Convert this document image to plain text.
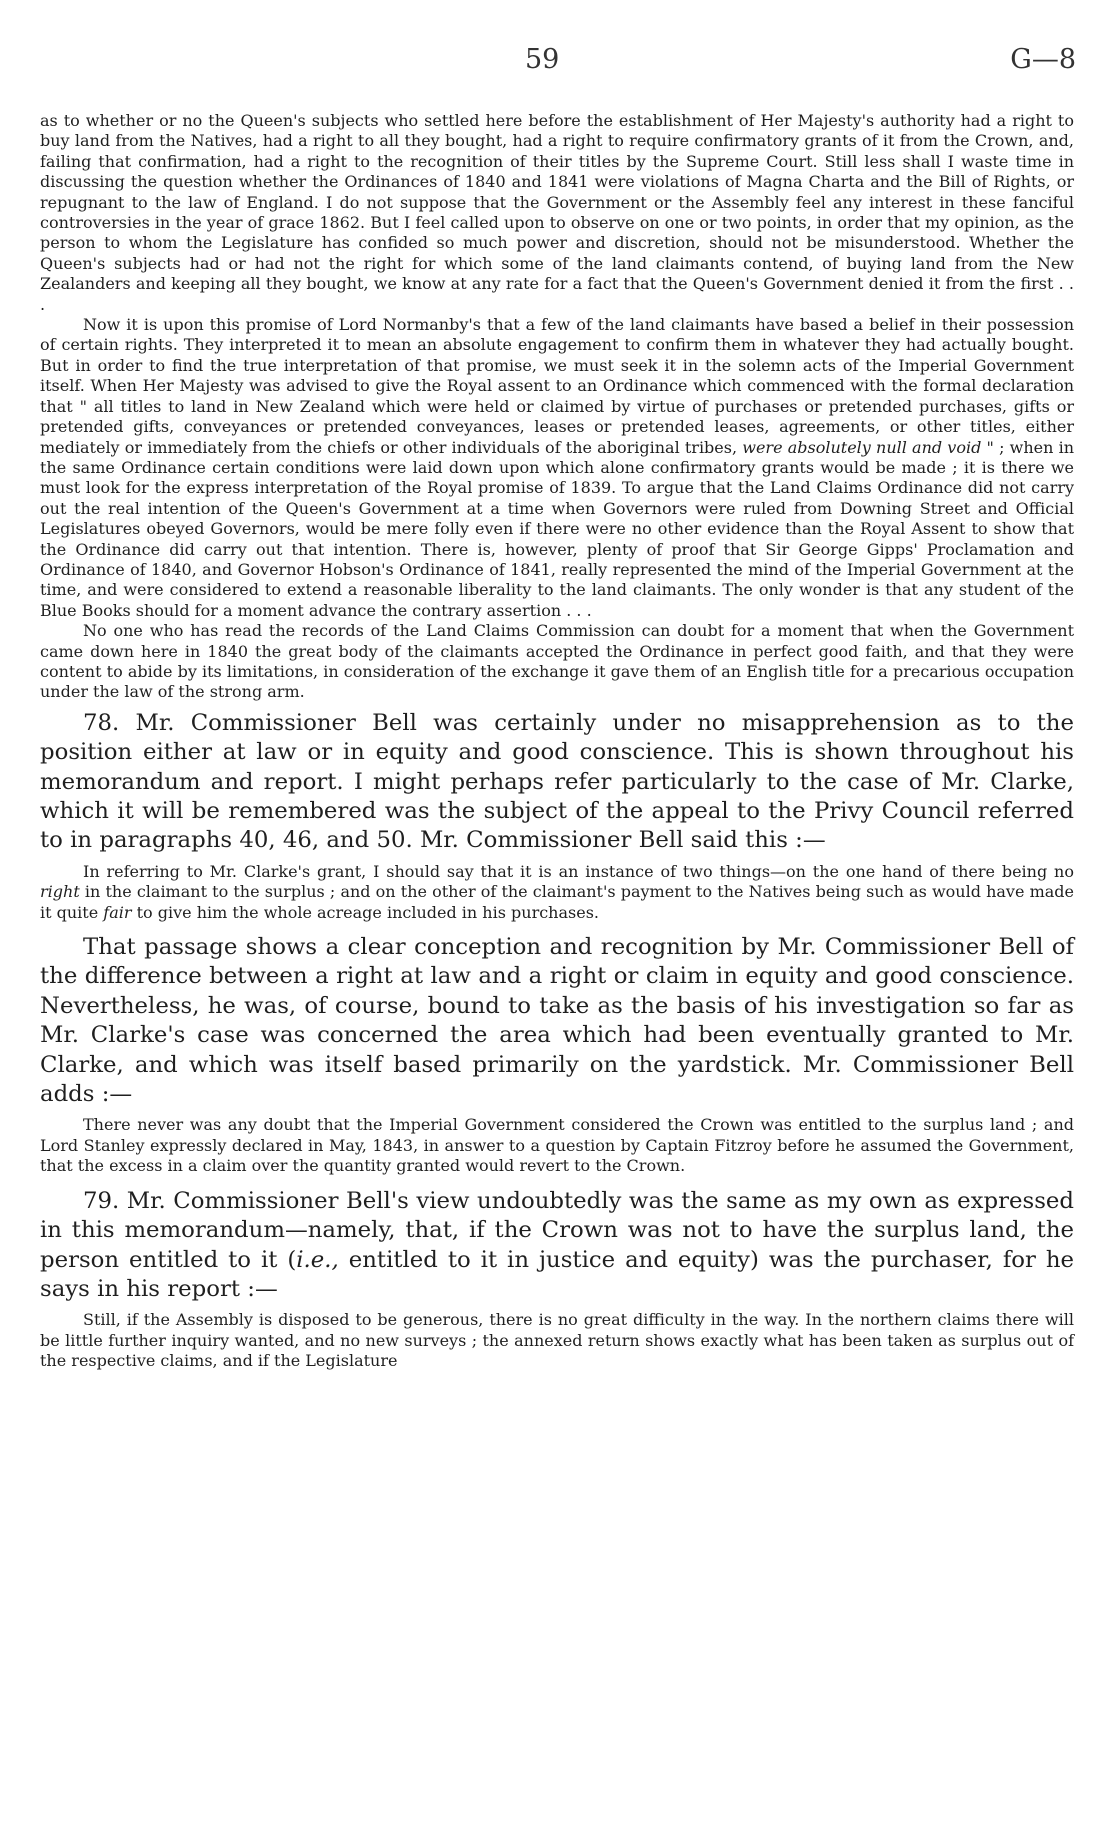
59	G—8

as to whether or no the Queen's subjects who settled here before the establishment of Her Majesty's authority had a right to buy land from the Natives, had a right to all they bought, had a right to require confirmatory grants of it from the Crown, and, failing that confirmation, had a right to the recognition of their titles by the Supreme Court. Still less shall I waste time in discussing the question whether the Ordinances of 1840 and 1841 were violations of Magna Charta and the Bill of Rights, or repugnant to the law of England. I do not suppose that the Government or the Assembly feel any interest in these fanciful controversies in the year of grace 1862. But I feel called upon to observe on one or two points, in order that my opinion, as the person to whom the Legislature has confided so much power and discretion, should not be misunderstood. Whether the Queen's subjects had or had not the right for which some of the land claimants contend, of buying land from the New Zealanders and keeping all they bought, we know at any rate for a fact that the Queen's Government denied it from the first . . .

Now it is upon this promise of Lord Normanby's that a few of the land claimants have based a belief in their possession of certain rights. They interpreted it to mean an absolute engagement to confirm them in whatever they had actually bought. But in order to find the true interpretation of that promise, we must seek it in the solemn acts of the Imperial Government itself. When Her Majesty was advised to give the Royal assent to an Ordinance which commenced with the formal declaration that " all titles to land in New Zealand which were held or claimed by virtue of purchases or pretended purchases, gifts or pretended gifts, conveyances or pretended conveyances, leases or pretended leases, agreements, or other titles, either mediately or immediately from the chiefs or other individuals of the aboriginal tribes, were absolutely null and void " ; when in the same Ordinance certain conditions were laid down upon which alone confirmatory grants would be made ; it is there we must look for the express interpretation of the Royal promise of 1839. To argue that the Land Claims Ordinance did not carry out the real intention of the Queen's Government at a time when Governors were ruled from Downing Street and Official Legislatures obeyed Governors, would be mere folly even if there were no other evidence than the Royal Assent to show that the Ordinance did carry out that intention. There is, however, plenty of proof that Sir George Gipps' Proclamation and Ordinance of 1840, and Governor Hobson's Ordinance of 1841, really represented the mind of the Imperial Government at the time, and were considered to extend a reasonable liberality to the land claimants. The only wonder is that any student of the Blue Books should for a moment advance the contrary assertion . . .

No one who has read the records of the Land Claims Commission can doubt for a moment that when the Government came down here in 1840 the great body of the claimants accepted the Ordinance in perfect good faith, and that they were content to abide by its limitations, in consideration of the exchange it gave them of an English title for a precarious occupation under the law of the strong arm.

78. Mr. Commissioner Bell was certainly under no misapprehension as to the position either at law or in equity and good conscience. This is shown throughout his memorandum and report. I might perhaps refer particularly to the case of Mr. Clarke, which it will be remembered was the subject of the appeal to the Privy Council referred to in paragraphs 40, 46, and 50. Mr. Commissioner Bell said this :—

In referring to Mr. Clarke's grant, I should say that it is an instance of two things—on the one hand of there being no right in the claimant to the surplus ; and on the other of the claimant's payment to the Natives being such as would have made it quite fair to give him the whole acreage included in his purchases.

That passage shows a clear conception and recognition by Mr. Commissioner Bell of the difference between a right at law and a right or claim in equity and good conscience. Nevertheless, he was, of course, bound to take as the basis of his investigation so far as Mr. Clarke's case was concerned the area which had been eventually granted to Mr. Clarke, and which was itself based primarily on the yardstick. Mr. Commissioner Bell adds :—

There never was any doubt that the Imperial Government considered the Crown was entitled to the surplus land ; and Lord Stanley expressly declared in May, 1843, in answer to a question by Captain Fitzroy before he assumed the Government, that the excess in a claim over the quantity granted would revert to the Crown.

79. Mr. Commissioner Bell's view undoubtedly was the same as my own as expressed in this memorandum—namely, that, if the Crown was not to have the surplus land, the person entitled to it (i.e., entitled to it in justice and equity) was the purchaser, for he says in his report :—

Still, if the Assembly is disposed to be generous, there is no great difficulty in the way. In the northern claims there will be little further inquiry wanted, and no new surveys ; the annexed return shows exactly what has been taken as surplus out of the respective claims, and if the Legislature
